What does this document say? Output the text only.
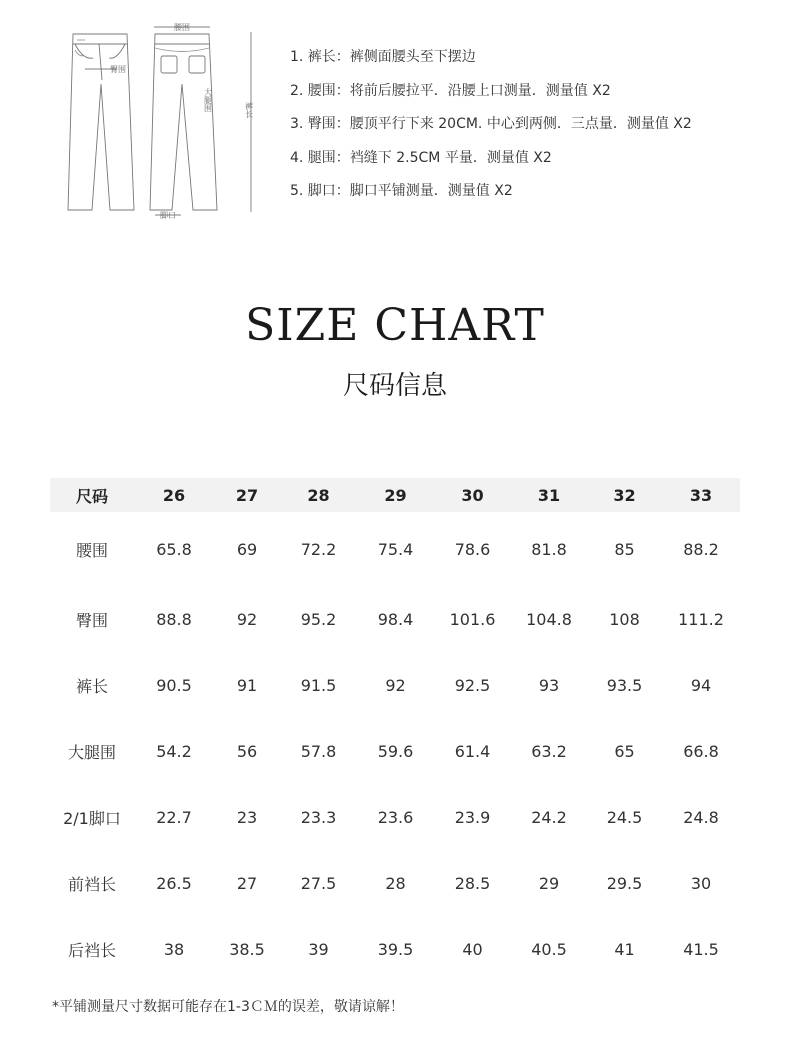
腰围
臀围
大腿围	裤长
脚口
1. 裤长：裤侧面腰头至下摆边
2. 腰围：将前后腰拉平．沿腰上口测量．测量值 X2
3. 臀围：腰顶平行下来 20CM. 中心到两侧．三点量．测量值 X2
4. 腿围：裆缝下 2.5CM 平量．测量值 X2
5. 脚口：脚口平铺测量．测量值 X2
SIZE CHART
尺码信息
尺码	26	27	28	29	30	31	32	33
腰围	65.8	69	72.2	75.4	78.6	81.8	85	88.2
臀围	88.8	92	95.2	98.4	101.6	104.8	108	111.2
裤长	90.5	91	91.5	92	92.5	93	93.5	94
大腿围	54.2	56	57.8	59.6	61.4	63.2	65	66.8
2/1脚口	22.7	23	23.3	23.6	23.9	24.2	24.5	24.8
前裆长	26.5	27	27.5	28	28.5	29	29.5	30
后裆长	38	38.5	39	39.5	40	40.5	41	41.5
*平铺测量尺寸数据可能存在1-3ＣＭ的误差，敬请谅解！
